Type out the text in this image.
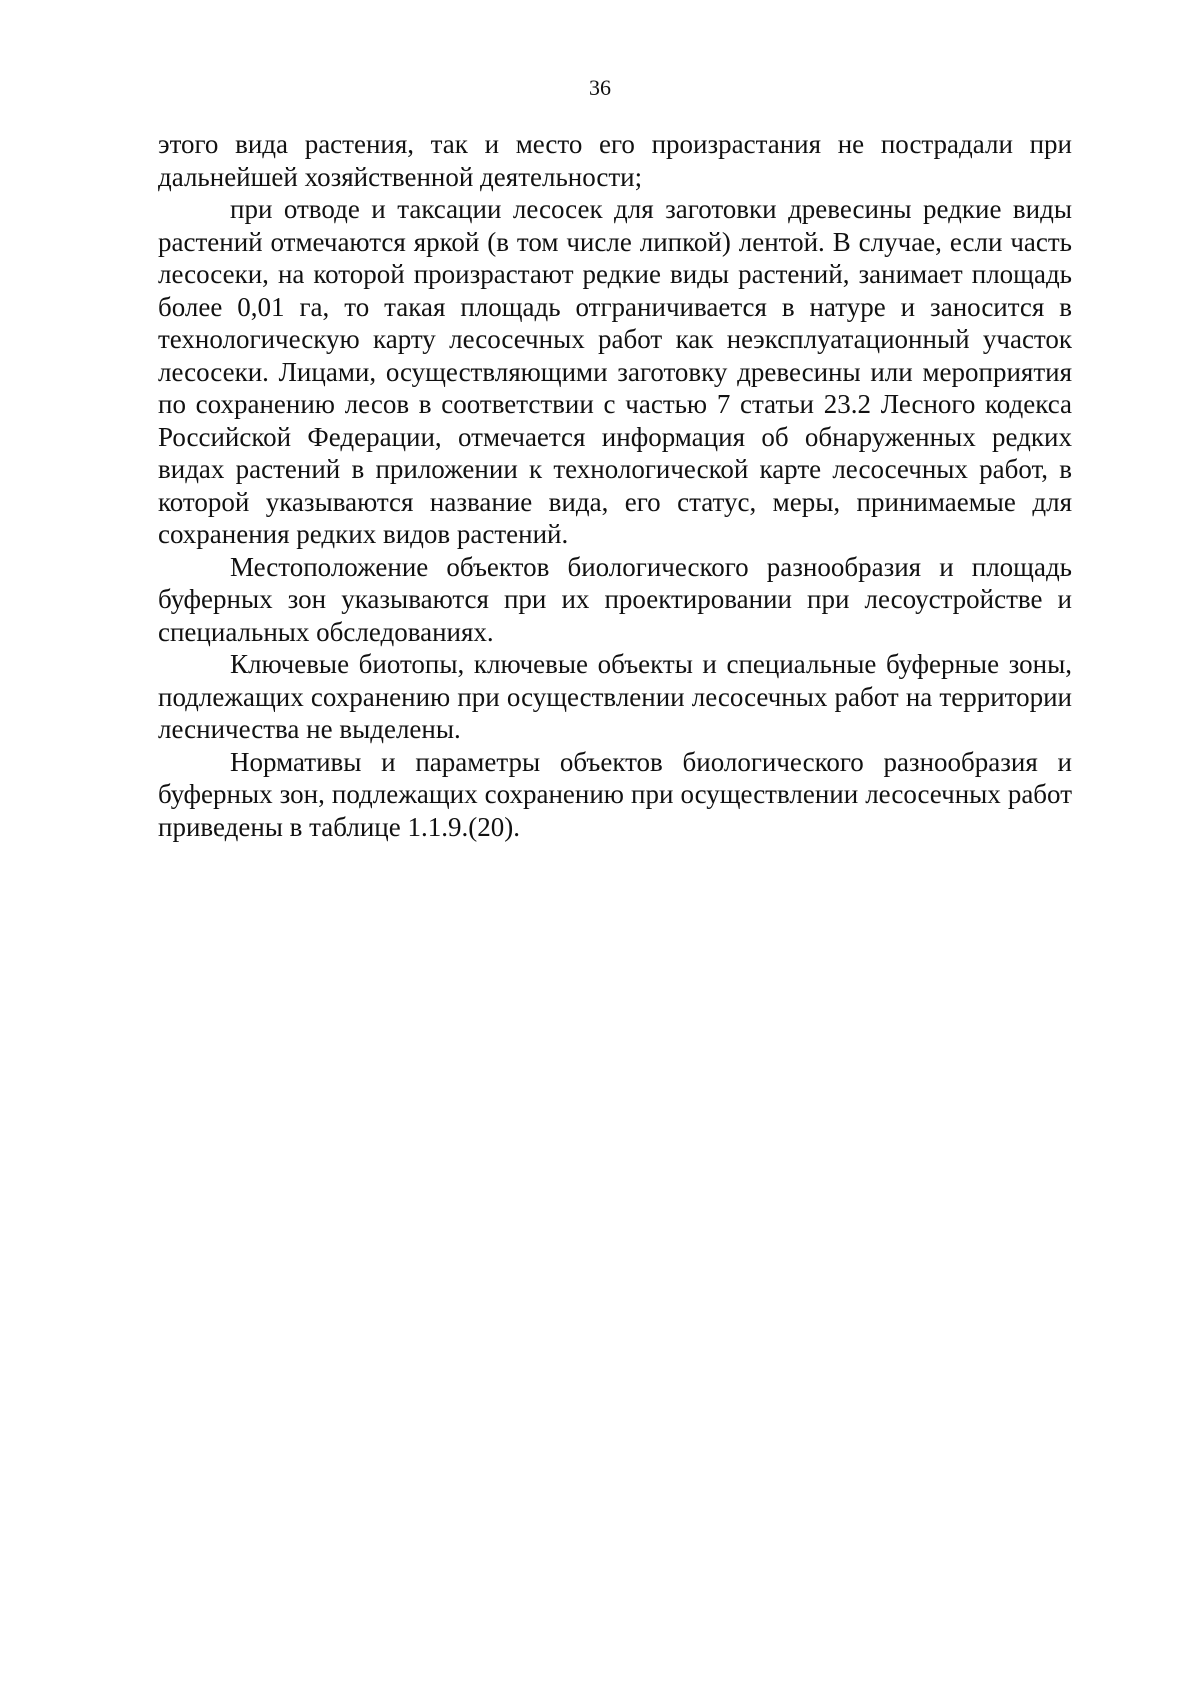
36

этого вида растения, так и место его произрастания не пострадали при дальнейшей хозяйственной деятельности;

при отводе и таксации лесосек для заготовки древесины редкие виды растений отмечаются яркой (в том числе липкой) лентой. В случае, если часть лесосеки, на которой произрастают редкие виды растений, занимает площадь более 0,01 га, то такая площадь отграничивается в натуре и заносится в технологическую карту лесосечных работ как неэксплуатационный участок лесосеки. Лицами, осуществляющими заготовку древесины или мероприятия по сохранению лесов в соответствии с частью 7 статьи 23.2 Лесного кодекса Российской Федерации, отмечается информация об обнаруженных редких видах растений в приложении к технологической карте лесосечных работ, в которой указываются название вида, его статус, меры, принимаемые для сохранения редких видов растений.

Местоположение объектов биологического разнообразия и площадь буферных зон указываются при их проектировании при лесоустройстве и специальных обследованиях.

Ключевые биотопы, ключевые объекты и специальные буферные зоны, подлежащих сохранению при осуществлении лесосечных работ на территории лесничества не выделены.

Нормативы и параметры объектов биологического разнообразия и буферных зон, подлежащих сохранению при осуществлении лесосечных работ приведены в таблице 1.1.9.(20).
